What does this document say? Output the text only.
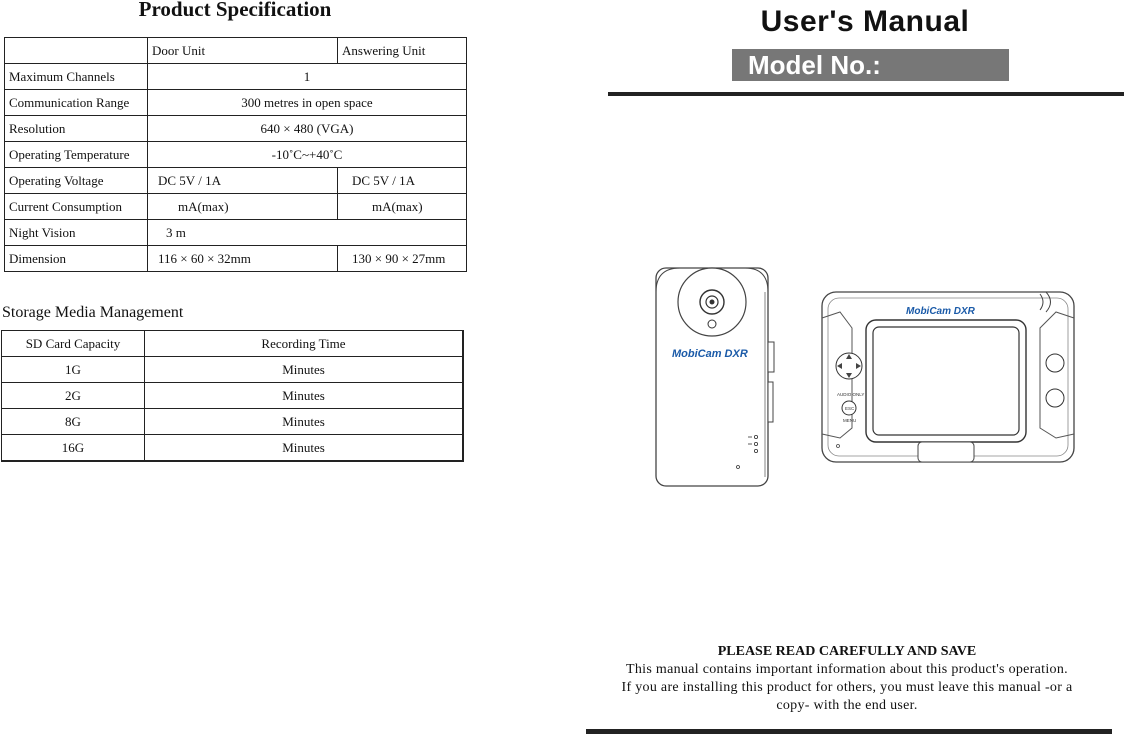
Product Specification
	Door Unit	Answering Unit
Maximum Channels	1	
Communication Range	300 metres in open space	
Resolution	640 × 480 (VGA)	
Operating Temperature	-10˚C~+40˚C	
Operating Voltage	DC 5V / 1A	DC 5V / 1A
Current Consumption	mA(max)	mA(max)
Night Vision	3 m	
Dimension	116 × 60 × 32mm	130 × 90 × 27mm
Storage Media Management
SD Card Capacity	Recording Time
1G	Minutes
2G	Minutes
8G	Minutes
16G	Minutes
User's Manual
Model No.:
MobiCam DXR
MobiCam DXR
AUDIO ONLY
ESC
MENU
PLEASE READ CAREFULLY AND SAVE
This manual contains important information about this product's operation.
If you are installing this product for others, you must leave this manual -or a
copy- with the end user.
